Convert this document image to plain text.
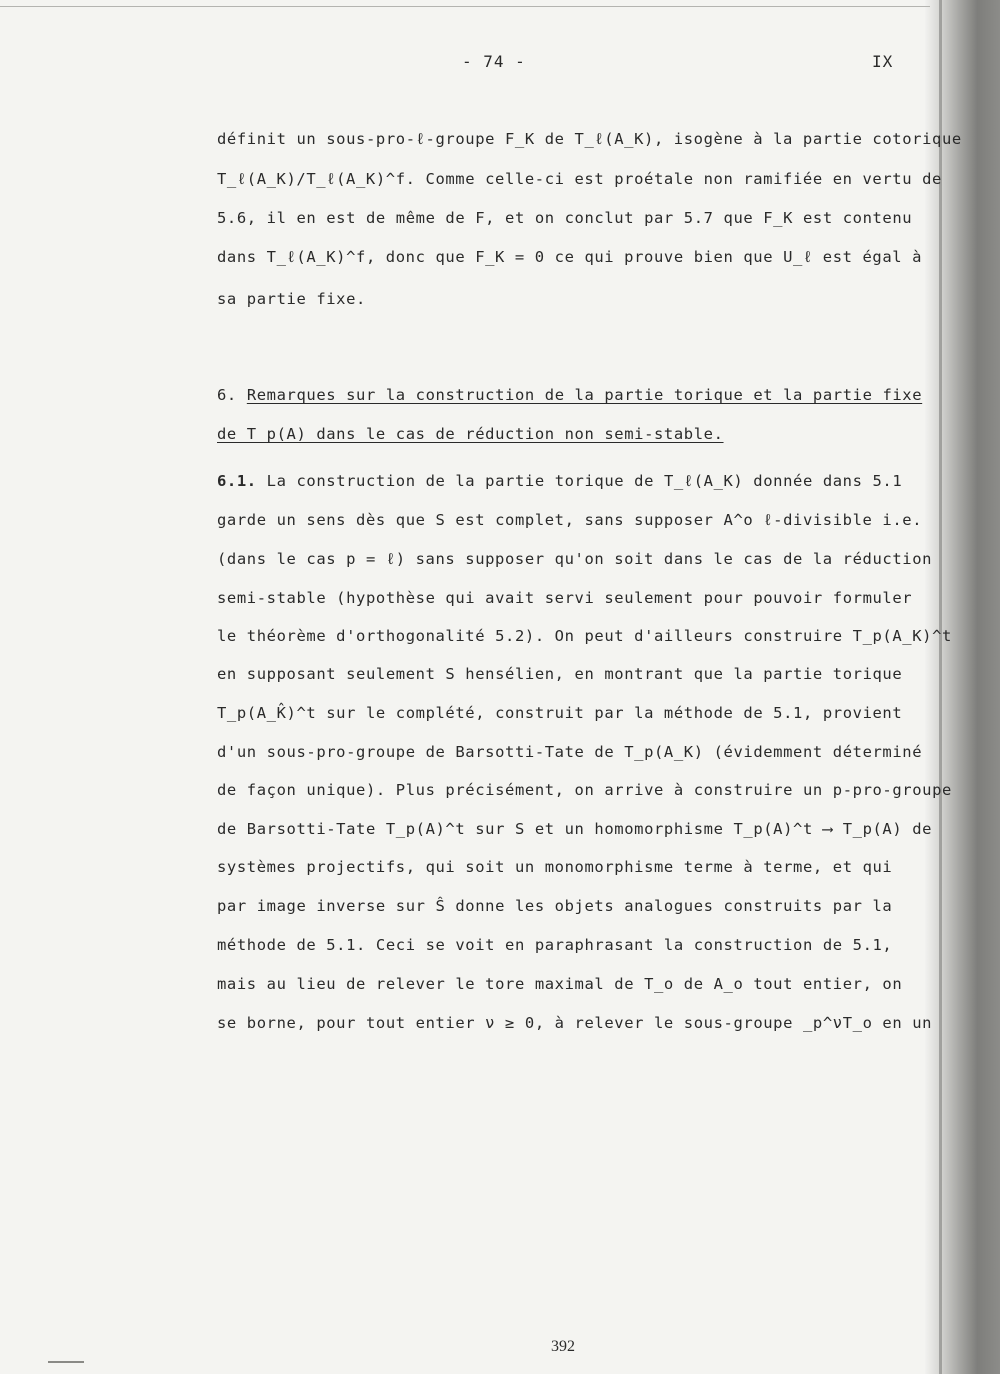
- 74 -	IX
définit un sous-pro-ℓ-groupe F_K de T_ℓ(A_K), isogène à la partie cotorique
T_ℓ(A_K)/T_ℓ(A_K)^f. Comme celle-ci est proétale non ramifiée en vertu de
5.6, il en est de même de F, et on conclut par 5.7 que F_K est contenu
dans T_ℓ(A_K)^f, donc que F_K = 0 ce qui prouve bien que U_ℓ est égal à
sa partie fixe.
6. Remarques sur la construction de la partie torique et la partie fixe
de T_p(A) dans le cas de réduction non semi-stable.
6.1. La construction de la partie torique de T_ℓ(A_K) donnée dans 5.1
garde un sens dès que S est complet, sans supposer A^o ℓ-divisible i.e.
(dans le cas p = ℓ) sans supposer qu'on soit dans le cas de la réduction
semi-stable (hypothèse qui avait servi seulement pour pouvoir formuler
le théorème d'orthogonalité 5.2). On peut d'ailleurs construire T_p(A_K)^t
en supposant seulement S hensélien, en montrant que la partie torique
T_p(A_K̂)^t sur le complété, construit par la méthode de 5.1, provient
d'un sous-pro-groupe de Barsotti-Tate de T_p(A_K) (évidemment déterminé
de façon unique). Plus précisément, on arrive à construire un p-pro-groupe
de Barsotti-Tate T_p(A)^t sur S et un homomorphisme T_p(A)^t ⟶ T_p(A) de
systèmes projectifs, qui soit un monomorphisme terme à terme, et qui
par image inverse sur Ŝ donne les objets analogues construits par la
méthode de 5.1. Ceci se voit en paraphrasant la construction de 5.1,
mais au lieu de relever le tore maximal de T_o de A_o tout entier, on
se borne, pour tout entier ν ≥ 0, à relever le sous-groupe _p^νT_o en un
392
